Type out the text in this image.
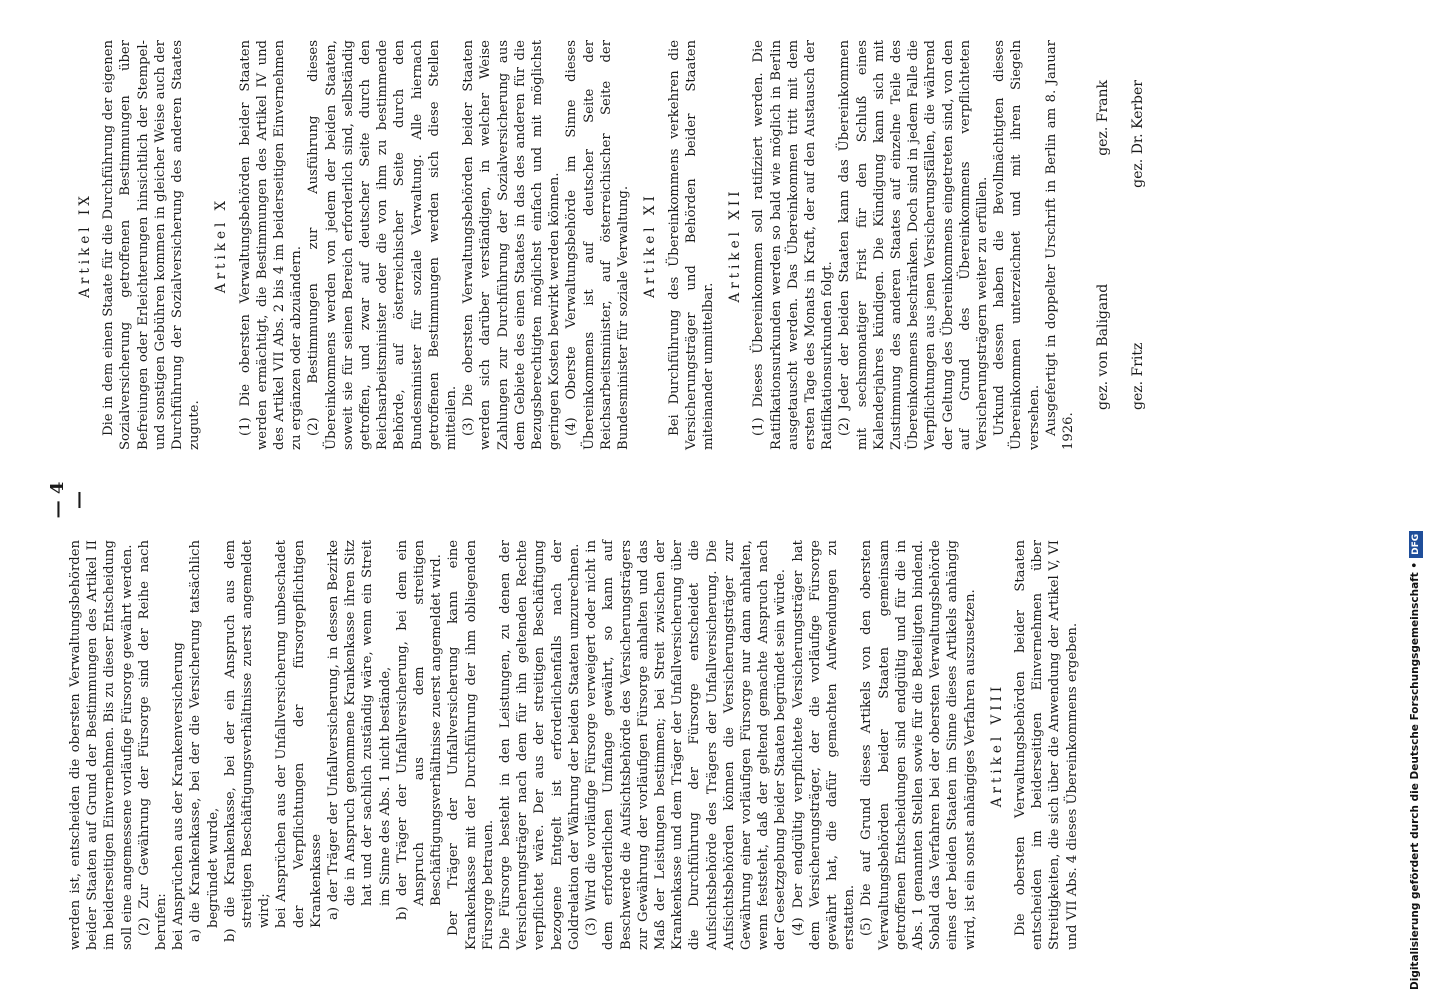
— 4 —

werden ist, entscheiden die obersten Verwaltungsbehörden beider Staaten auf Grund der Bestimmungen des Artikel II im beiderseitigen Einvernehmen. Bis zu dieser Entscheidung soll eine angemessene vorläufige Fürsorge gewährt werden. (2) Zur Gewährung der Fürsorge sind der Reihe nach berufen: bei Ansprüchen aus der Krankenversicherung a) die Krankenkasse, bei der die Versicherung tatsächlich begründet wurde, b) die Krankenkasse, bei der ein Anspruch aus dem streitigen Beschäftigungsverhältnisse zuerst angemeldet wird; bei Ansprüchen aus der Unfallversicherung unbeschadet der Verpflichtungen der fürsorgepflichtigen Krankenkasse a) der Träger der Unfallversicherung, in dessen Bezirke die in Anspruch genommene Krankenkasse ihren Sitz hat und der sachlich zuständig wäre, wenn ein Streit im Sinne des Abs. 1 nicht bestände, b) der Träger der Unfallversicherung, bei dem ein Anspruch aus dem streitigen Beschäftigungsverhältnisse zuerst angemeldet wird. Der Träger der Unfallversicherung kann eine Krankenkasse mit der Durchführung der ihm obliegenden Fürsorge betrauen. Die Fürsorge besteht in den Leistungen, zu denen der Versicherungsträger nach dem für ihn geltenden Rechte verpflichtet wäre. Der aus der streitigen Beschäftigung bezogene Entgelt ist erforderlichenfalls nach der Goldrelation der Währung der beiden Staaten umzurechnen. (3) Wird die vorläufige Fürsorge verweigert oder nicht in dem erforderlichen Umfange gewährt, so kann auf Beschwerde die Aufsichtsbehörde des Versicherungsträgers zur Gewährung der vorläufigen Fürsorge anhalten und das Maß der Leistungen bestimmen; bei Streit zwischen der Krankenkasse und dem Träger der Unfallversicherung über die Durchführung der Fürsorge entscheidet die Aufsichtsbehörde des Trägers der Unfallversicherung. Die Aufsichtsbehörden können die Versicherungsträger zur Gewährung einer vorläufigen Fürsorge nur dann anhalten, wenn feststeht, daß der geltend gemachte Anspruch nach der Gesetzgebung beider Staaten begründet sein würde. (4) Der endgültig verpflichtete Versicherungsträger hat dem Versicherungsträger, der die vorläufige Fürsorge gewährt hat, die dafür gemachten Aufwendungen zu erstatten. (5) Die auf Grund dieses Artikels von den obersten Verwaltungsbehörden beider Staaten gemeinsam getroffenen Entscheidungen sind endgültig und für die in Abs. 1 genannten Stellen sowie für die Beteiligten bindend. Sobald das Verfahren bei der obersten Verwaltungsbehörde eines der beiden Staaten im Sinne dieses Artikels anhängig wird, ist ein sonst anhängiges Verfahren auszusetzen. Artikel VIII Die obersten Verwaltungsbehörden beider Staaten entscheiden im beiderseitigen Einvernehmen über Streitigkeiten, die sich über die Anwendung der Artikel V, VI und VII Abs. 4 dieses Übereinkommens ergeben.

Artikel IX Die in dem einen Staate für die Durchführung der eigenen Sozialversicherung getroffenen Bestimmungen über Befreiungen oder Erleichterungen hinsichtlich der Stempel- und sonstigen Gebühren kommen in gleicher Weise auch der Durchführung der Sozialversicherung des anderen Staates zugute.

Artikel X (1) Die obersten Verwaltungsbehörden beider Staaten werden ermächtigt, die Bestimmungen des Artikel IV und des Artikel VII Abs. 2 bis 4 im beiderseitigen Einvernehmen zu ergänzen oder abzuändern. (2) Bestimmungen zur Ausführung dieses Übereinkommens werden von jedem der beiden Staaten, soweit sie für seinen Bereich erforderlich sind, selbständig getroffen, und zwar auf deutscher Seite durch den Reichsarbeitsminister oder die von ihm zu bestimmende Behörde, auf österreichischer Seite durch den Bundesminister für soziale Verwaltung. Alle hiernach getroffenen Bestimmungen werden sich diese Stellen mitteilen. (3) Die obersten Verwaltungsbehörden beider Staaten werden sich darüber verständigen, in welcher Weise Zahlungen zur Durchführung der Sozialversicherung aus dem Gebiete des einen Staates in das des anderen für die Bezugsberechtigten möglichst einfach und mit möglichst geringen Kosten bewirkt werden können. (4) Oberste Verwaltungsbehörde im Sinne dieses Übereinkommens ist auf deutscher Seite der Reichsarbeitsminister, auf österreichischer Seite der Bundesminister für soziale Verwaltung. Artikel XI Bei Durchführung des Übereinkommens verkehren die Versicherungsträger und Behörden beider Staaten miteinander unmittelbar.

Artikel XII (1) Dieses Übereinkommen soll ratifiziert werden. Die Ratifikationsurkunden werden so bald wie möglich in Berlin ausgetauscht werden. Das Übereinkommen tritt mit dem ersten Tage des Monats in Kraft, der auf den Austausch der Ratifikationsurkunden folgt. (2) Jeder der beiden Staaten kann das Übereinkommen mit sechsmonatiger Frist für den Schluß eines Kalenderjahres kündigen. Die Kündigung kann sich mit Zustimmung des anderen Staates auf einzelne Teile des Übereinkommens beschränken. Doch sind in jedem Falle die Verpflichtungen aus jenen Versicherungsfällen, die während der Geltung des Übereinkommens eingetreten sind, von den auf Grund des Übereinkommens verpflichteten Versicherungsträgern weiter zu erfüllen. Urkund dessen haben die Bevollmächtigten dieses Übereinkommen unterzeichnet und mit ihren Siegeln versehen. Ausgefertigt in doppelter Urschrift in Berlin am 8. Januar 1926.

gez. von Baligand
gez. Frank
gez. Fritz
gez. Dr. Kerber
Digitalisierung gefördert durch die Deutsche Forschungsgemeinschaft •DFG
